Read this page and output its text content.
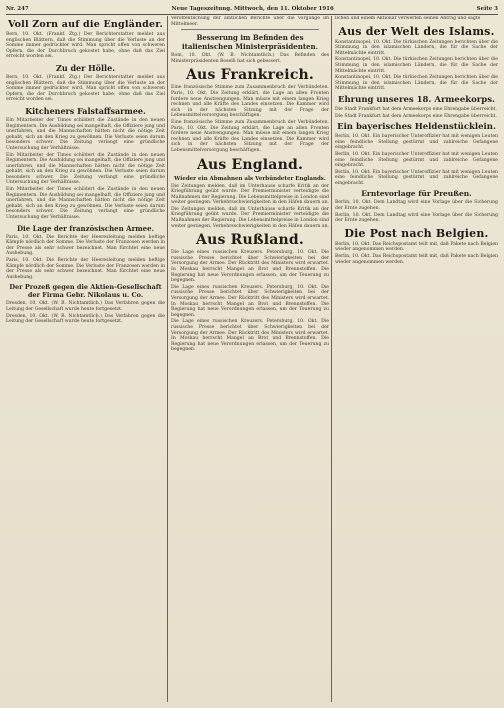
Nr. 247	Neue Tageszeitung. Mittwoch, den 11. Oktober 1916	Seite 3
Voll Zorn auf die Engländer.

Bern, 10. Okt. (Frankf. Ztg.) Der Berichterstatter meldet aus englischen Blättern, daß die Stimmung über die Verluste an der Somme immer gedrückter wird. Man spricht offen von schweren Opfern, die der Durchbruch gekostet habe, ohne daß das Ziel erreicht worden sei.

Zu der Hölle.

Bern, 10. Okt. (Frankf. Ztg.) Der Berichterstatter meldet aus englischen Blättern, daß die Stimmung über die Verluste an der Somme immer gedrückter wird. Man spricht offen von schweren Opfern, die der Durchbruch gekostet habe, ohne daß das Ziel erreicht worden sei.

Kitcheners Falstaffsarmee.

Ein Mitarbeiter der Times schildert die Zustände in den neuen Regimentern. Die Ausbildung sei mangelhaft, die Offiziere jung und unerfahren, und die Mannschaften hätten nicht die nötige Zeit gehabt, sich an den Krieg zu gewöhnen. Die Verluste seien darum besonders schwer. Die Zeitung verlangt eine gründliche Untersuchung der Verhältnisse.

Ein Mitarbeiter der Times schildert die Zustände in den neuen Regimentern. Die Ausbildung sei mangelhaft, die Offiziere jung und unerfahren, und die Mannschaften hätten nicht die nötige Zeit gehabt, sich an den Krieg zu gewöhnen. Die Verluste seien darum besonders schwer. Die Zeitung verlangt eine gründliche Untersuchung der Verhältnisse.

Ein Mitarbeiter der Times schildert die Zustände in den neuen Regimentern. Die Ausbildung sei mangelhaft, die Offiziere jung und unerfahren, und die Mannschaften hätten nicht die nötige Zeit gehabt, sich an den Krieg zu gewöhnen. Die Verluste seien darum besonders schwer. Die Zeitung verlangt eine gründliche Untersuchung der Verhältnisse.

Die Lage der französischen Armee.

Paris, 10. Okt. Die Berichte der Heeresleitung melden heftige Kämpfe nördlich der Somme. Die Verluste der Franzosen werden in der Presse als sehr schwer bezeichnet. Man fürchtet eine neue Aushebung.

Paris, 10. Okt. Die Berichte der Heeresleitung melden heftige Kämpfe nördlich der Somme. Die Verluste der Franzosen werden in der Presse als sehr schwer bezeichnet. Man fürchtet eine neue Aushebung.

Der Prozeß gegen die Aktien-Gesellschaft der Firma Gebr. Nikolaus u. Co.

Dresden, 10. Okt. (W. B. Nichtamtlich.) Das Verfahren gegen die Leitung der Gesellschaft wurde heute fortgesetzt.

Dresden, 10. Okt. (W. B. Nichtamtlich.) Das Verfahren gegen die Leitung der Gesellschaft wurde heute fortgesetzt.

Veröffentlichung der amtlichen Berichte über die Vorgänge im Mittelmeer.

Besserung im Befinden des italienischen Ministerpräsidenten.

Rom, 10. Okt. (W. B. Nichtamtlich.) Das Befinden des Ministerpräsidenten Boselli hat sich gebessert.

Aus Frankreich.

Eine französische Stimme zum Zusammenbruch der Verbündeten. Paris, 10. Okt. Die Zeitung erklärt, die Lage an allen Fronten fordere neue Anstrengungen. Man müsse mit einem langen Krieg rechnen und alle Kräfte des Landes einsetzen. Die Kammer wird sich in der nächsten Sitzung mit der Frage der Lebensmittelversorgung beschäftigen.

Eine französische Stimme zum Zusammenbruch der Verbündeten. Paris, 10. Okt. Die Zeitung erklärt, die Lage an allen Fronten fordere neue Anstrengungen. Man müsse mit einem langen Krieg rechnen und alle Kräfte des Landes einsetzen. Die Kammer wird sich in der nächsten Sitzung mit der Frage der Lebensmittelversorgung beschäftigen.

Aus England.
Wieder ein Abmahnen als Verbündeter Englands.

Die Zeitungen melden, daß im Unterhause scharfe Kritik an der Kriegführung geübt wurde. Der Premierminister verteidigte die Maßnahmen der Regierung. Die Lebensmittelpreise in London sind weiter gestiegen. Verkehrsschwierigkeiten in den Häfen dauern an.

Die Zeitungen melden, daß im Unterhause scharfe Kritik an der Kriegführung geübt wurde. Der Premierminister verteidigte die Maßnahmen der Regierung. Die Lebensmittelpreise in London sind weiter gestiegen. Verkehrsschwierigkeiten in den Häfen dauern an.

Aus Rußland.

Die Lage eines russischen Kreuzers. Petersburg, 10. Okt. Die russische Presse berichtet über Schwierigkeiten bei der Versorgung der Armee. Der Rücktritt des Ministers wird erwartet. In Moskau herrscht Mangel an Brot und Brennstoffen. Die Regierung hat neue Verordnungen erlassen, um der Teuerung zu begegnen.

Die Lage eines russischen Kreuzers. Petersburg, 10. Okt. Die russische Presse berichtet über Schwierigkeiten bei der Versorgung der Armee. Der Rücktritt des Ministers wird erwartet. In Moskau herrscht Mangel an Brot und Brennstoffen. Die Regierung hat neue Verordnungen erlassen, um der Teuerung zu begegnen.

Die Lage eines russischen Kreuzers. Petersburg, 10. Okt. Die russische Presse berichtet über Schwierigkeiten bei der Versorgung der Armee. Der Rücktritt des Ministers wird erwartet. In Moskau herrscht Mangel an Brot und Brennstoffen. Die Regierung hat neue Verordnungen erlassen, um der Teuerung zu begegnen.

lichen und einem Aktionär verwerfen seinen Antrag und sagte

Aus der Welt des Islams.

Konstantinopel, 10. Okt. Die türkischen Zeitungen berichten über die Stimmung in den islamischen Ländern, die für die Sache der Mittelmächte eintritt.

Konstantinopel, 10. Okt. Die türkischen Zeitungen berichten über die Stimmung in den islamischen Ländern, die für die Sache der Mittelmächte eintritt.

Konstantinopel, 10. Okt. Die türkischen Zeitungen berichten über die Stimmung in den islamischen Ländern, die für die Sache der Mittelmächte eintritt.

Ehrung unseres 18. Armeekorps.

Die Stadt Frankfurt hat dem Armeekorps eine Ehrengabe überreicht.

Die Stadt Frankfurt hat dem Armeekorps eine Ehrengabe überreicht.

Ein bayerisches Heldenstücklein.

Berlin, 10. Okt. Ein bayerischer Unteroffizier hat mit wenigen Leuten eine feindliche Stellung gestürmt und zahlreiche Gefangene eingebracht.

Berlin, 10. Okt. Ein bayerischer Unteroffizier hat mit wenigen Leuten eine feindliche Stellung gestürmt und zahlreiche Gefangene eingebracht.

Berlin, 10. Okt. Ein bayerischer Unteroffizier hat mit wenigen Leuten eine feindliche Stellung gestürmt und zahlreiche Gefangene eingebracht.

Erntevorlage für Preußen.

Berlin, 10. Okt. Dem Landtag wird eine Vorlage über die Sicherung der Ernte zugehen.

Berlin, 10. Okt. Dem Landtag wird eine Vorlage über die Sicherung der Ernte zugehen.

Die Post nach Belgien.

Berlin, 10. Okt. Das Reichspostamt teilt mit, daß Pakete nach Belgien wieder angenommen werden.

Berlin, 10. Okt. Das Reichspostamt teilt mit, daß Pakete nach Belgien wieder angenommen werden.
